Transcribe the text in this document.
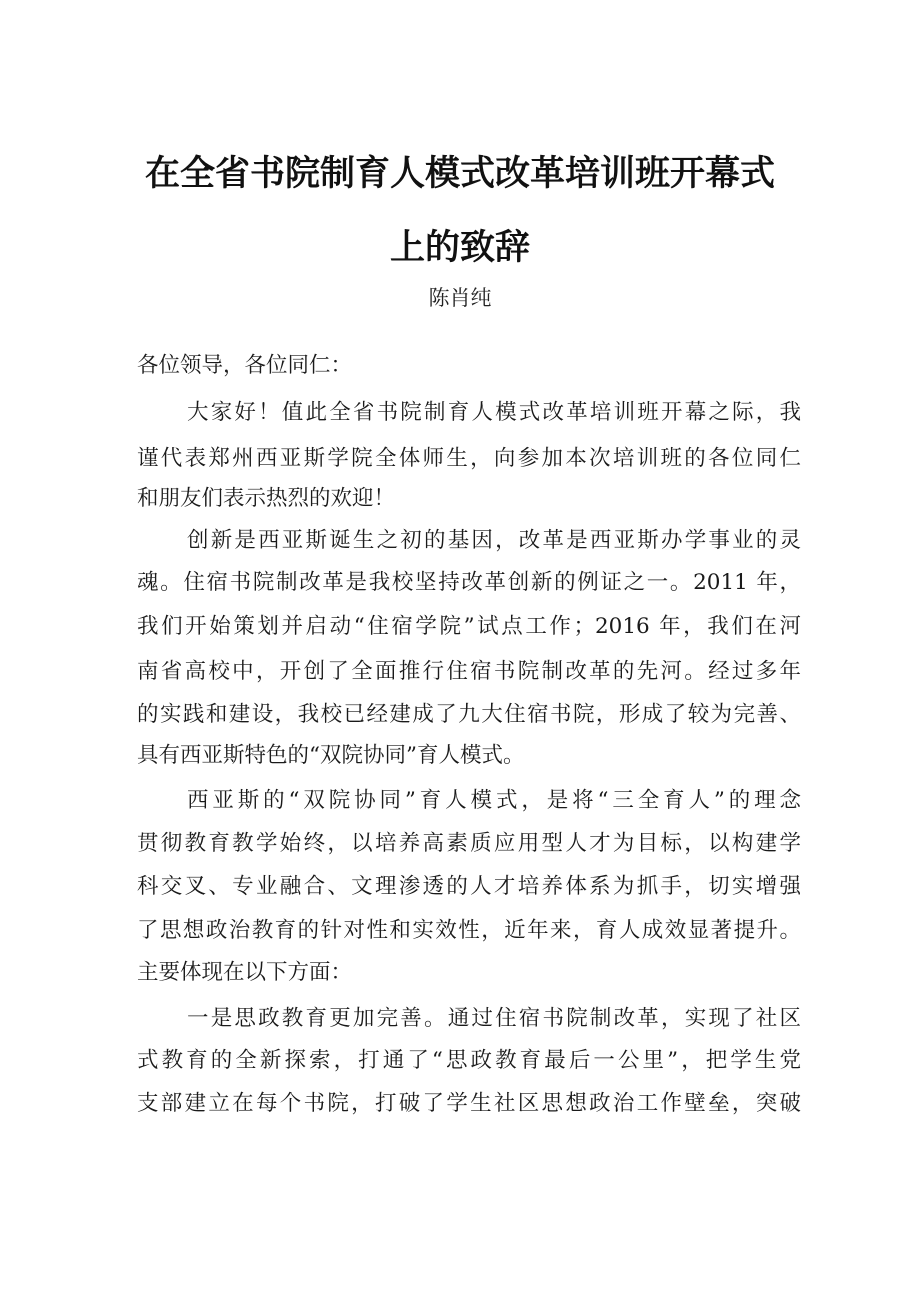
在全省书院制育人模式改革培训班开幕式
上的致辞
陈肖纯
各位领导，各位同仁：
大家好！值此全省书院制育人模式改革培训班开幕之际，我
谨代表郑州西亚斯学院全体师生，向参加本次培训班的各位同仁
和朋友们表示热烈的欢迎！
创新是西亚斯诞生之初的基因，改革是西亚斯办学事业的灵
魂。住宿书院制改革是我校坚持改革创新的例证之一。2011 年，
我们开始策划并启动“住宿学院”试点工作；2016 年，我们在河
南省高校中，开创了全面推行住宿书院制改革的先河。经过多年
的实践和建设，我校已经建成了九大住宿书院，形成了较为完善、
具有西亚斯特色的“双院协同”育人模式。
西亚斯的“双院协同”育人模式，是将“三全育人”的理念
贯彻教育教学始终，以培养高素质应用型人才为目标，以构建学
科交叉、专业融合、文理渗透的人才培养体系为抓手，切实增强
了思想政治教育的针对性和实效性，近年来，育人成效显著提升。
主要体现在以下方面：
一是思政教育更加完善。通过住宿书院制改革，实现了社区
式教育的全新探索，打通了“思政教育最后一公里”，把学生党
支部建立在每个书院，打破了学生社区思想政治工作壁垒，突破
